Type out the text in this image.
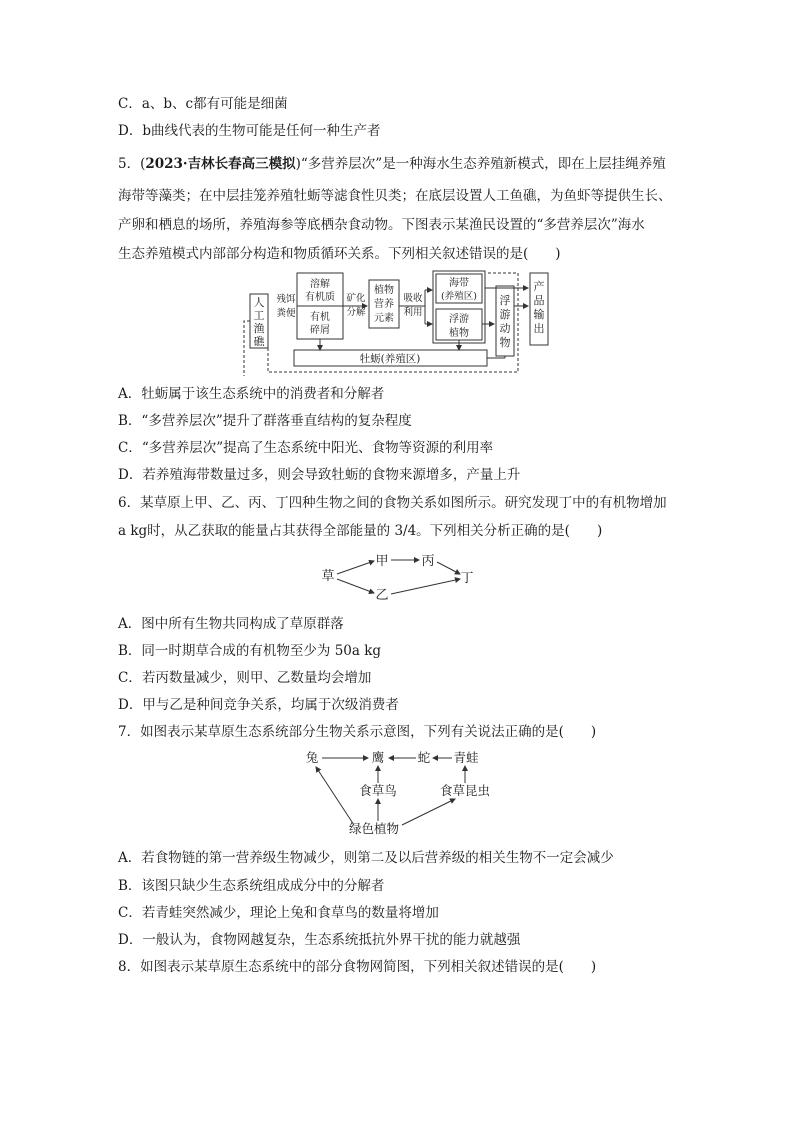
C．a、b、c都有可能是细菌
D．b曲线代表的生物可能是任何一种生产者
5．(2023·吉林长春高三模拟)“多营养层次”是一种海水生态养殖新模式，即在上层挂绳养殖
海带等藻类；在中层挂笼养殖牡蛎等滤食性贝类；在底层设置人工鱼礁，为鱼虾等提供生长、
产卵和栖息的场所，养殖海参等底栖杂食动物。下图表示某渔民设置的“多营养层次”海水
生态养殖模式内部部分构造和物质循环关系。下列相关叙述错误的是(　　)
人
工
渔
礁
残饵
粪便
溶解
有机质
有机
碎屑
矿化
分解
植物
营养
元素
吸收
利用
海带
(养殖区)
浮游
植物
浮
游
动
物
产
品
输
出
牡蛎(养殖区)
A．牡蛎属于该生态系统中的消费者和分解者
B．“多营养层次”提升了群落垂直结构的复杂程度
C．“多营养层次”提高了生态系统中阳光、食物等资源的利用率
D．若养殖海带数量过多，则会导致牡蛎的食物来源增多，产量上升
6．某草原上甲、乙、丙、丁四种生物之间的食物关系如图所示。研究发现丁中的有机物增加
a kg时，从乙获取的能量占其获得全部能量的 3/4。下列相关分析正确的是(　　)
草
甲	丙
乙
丁
A．图中所有生物共同构成了草原群落
B．同一时期草合成的有机物至少为 50a kg
C．若丙数量减少，则甲、乙数量均会增加
D．甲与乙是种间竞争关系，均属于次级消费者
7．如图表示某草原生态系统部分生物关系示意图，下列有关说法正确的是(　　)
兔	鹰	蛇 青蛙
食草鸟	食草昆虫
绿色植物
A．若食物链的第一营养级生物减少，则第二及以后营养级的相关生物不一定会减少
B．该图只缺少生态系统组成成分中的分解者
C．若青蛙突然减少，理论上兔和食草鸟的数量将增加
D．一般认为，食物网越复杂，生态系统抵抗外界干扰的能力就越强
8．如图表示某草原生态系统中的部分食物网简图，下列相关叙述错误的是(　　)
